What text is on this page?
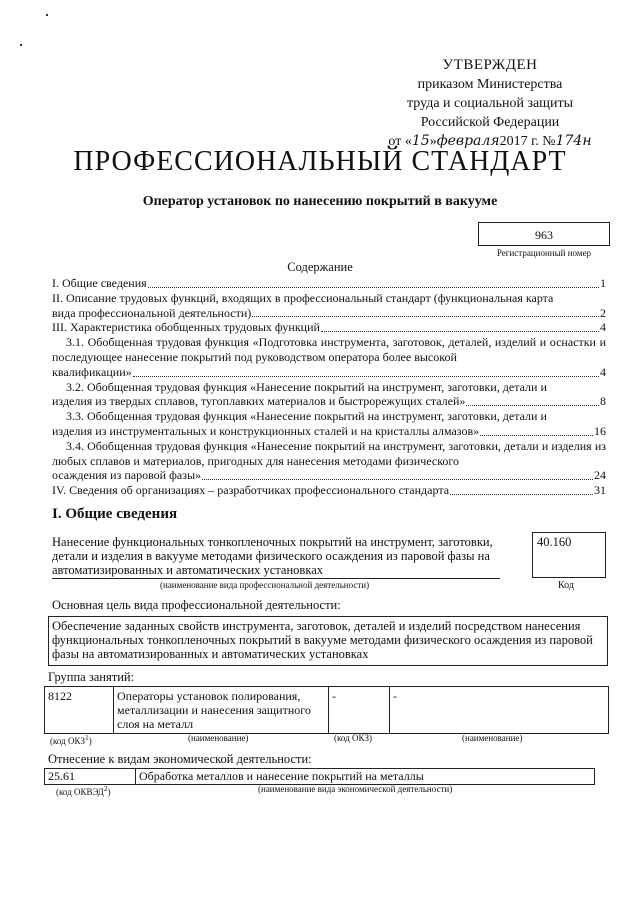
УТВЕРЖДЕН
приказом Министерства
труда и социальной защиты
Российской Федерации
от «15»февраля2017 г. №174н
ПРОФЕССИОНАЛЬНЫЙ СТАНДАРТ
Оператор установок по нанесению покрытий в вакууме
963
Регистрационный номер
Содержание
I. Общие сведения	1
II. Описание трудовых функций, входящих в профессиональный стандарт (функциональная карта
вида профессиональной деятельности)	2
III. Характеристика обобщенных трудовых функций	4
3.1. Обобщенная трудовая функция «Подготовка инструмента, заготовок, деталей, изделий и оснастки и последующее нанесение покрытий под руководством оператора более высокой
квалификации»	4
3.2. Обобщенная трудовая функция «Нанесение покрытий на инструмент, заготовки, детали и
изделия из твердых сплавов, тугоплавких материалов и быстрорежущих сталей»	8
3.3. Обобщенная трудовая функция «Нанесение покрытий на инструмент, заготовки, детали и
изделия из инструментальных и конструкционных сталей и на кристаллы алмазов»	16
3.4. Обобщенная трудовая функция «Нанесение покрытий на инструмент, заготовки, детали и изделия из любых сплавов и материалов, пригодных для нанесения методами физического
осаждения из паровой фазы»	24
IV. Сведения об организациях – разработчиках профессионального стандарта	31
I. Общие сведения
Нанесение функциональных тонкопленочных покрытий на инструмент, заготовки, детали и изделия в вакууме методами физического осаждения из паровой фазы на автоматизированных и автоматических установках
(наименование вида профессиональной деятельности)
40.160
Код
Основная цель вида профессиональной деятельности:
Обеспечение заданных свойств инструмента, заготовок, деталей и изделий посредством нанесения функциональных тонкопленочных покрытий в вакууме методами физического осаждения из паровой фазы на автоматизированных и автоматических установках
Группа занятий:
8122	Операторы установок полирования, металлизации и нанесения защитного слоя на металл	-	-
(код ОКЗ$^1$)	(наименование)	(код ОКЗ)	(наименование)
Отнесение к видам экономической деятельности:
25.61	Обработка металлов и нанесение покрытий на металлы
(код ОКВЭД$^2$)	(наименование вида экономической деятельности)
